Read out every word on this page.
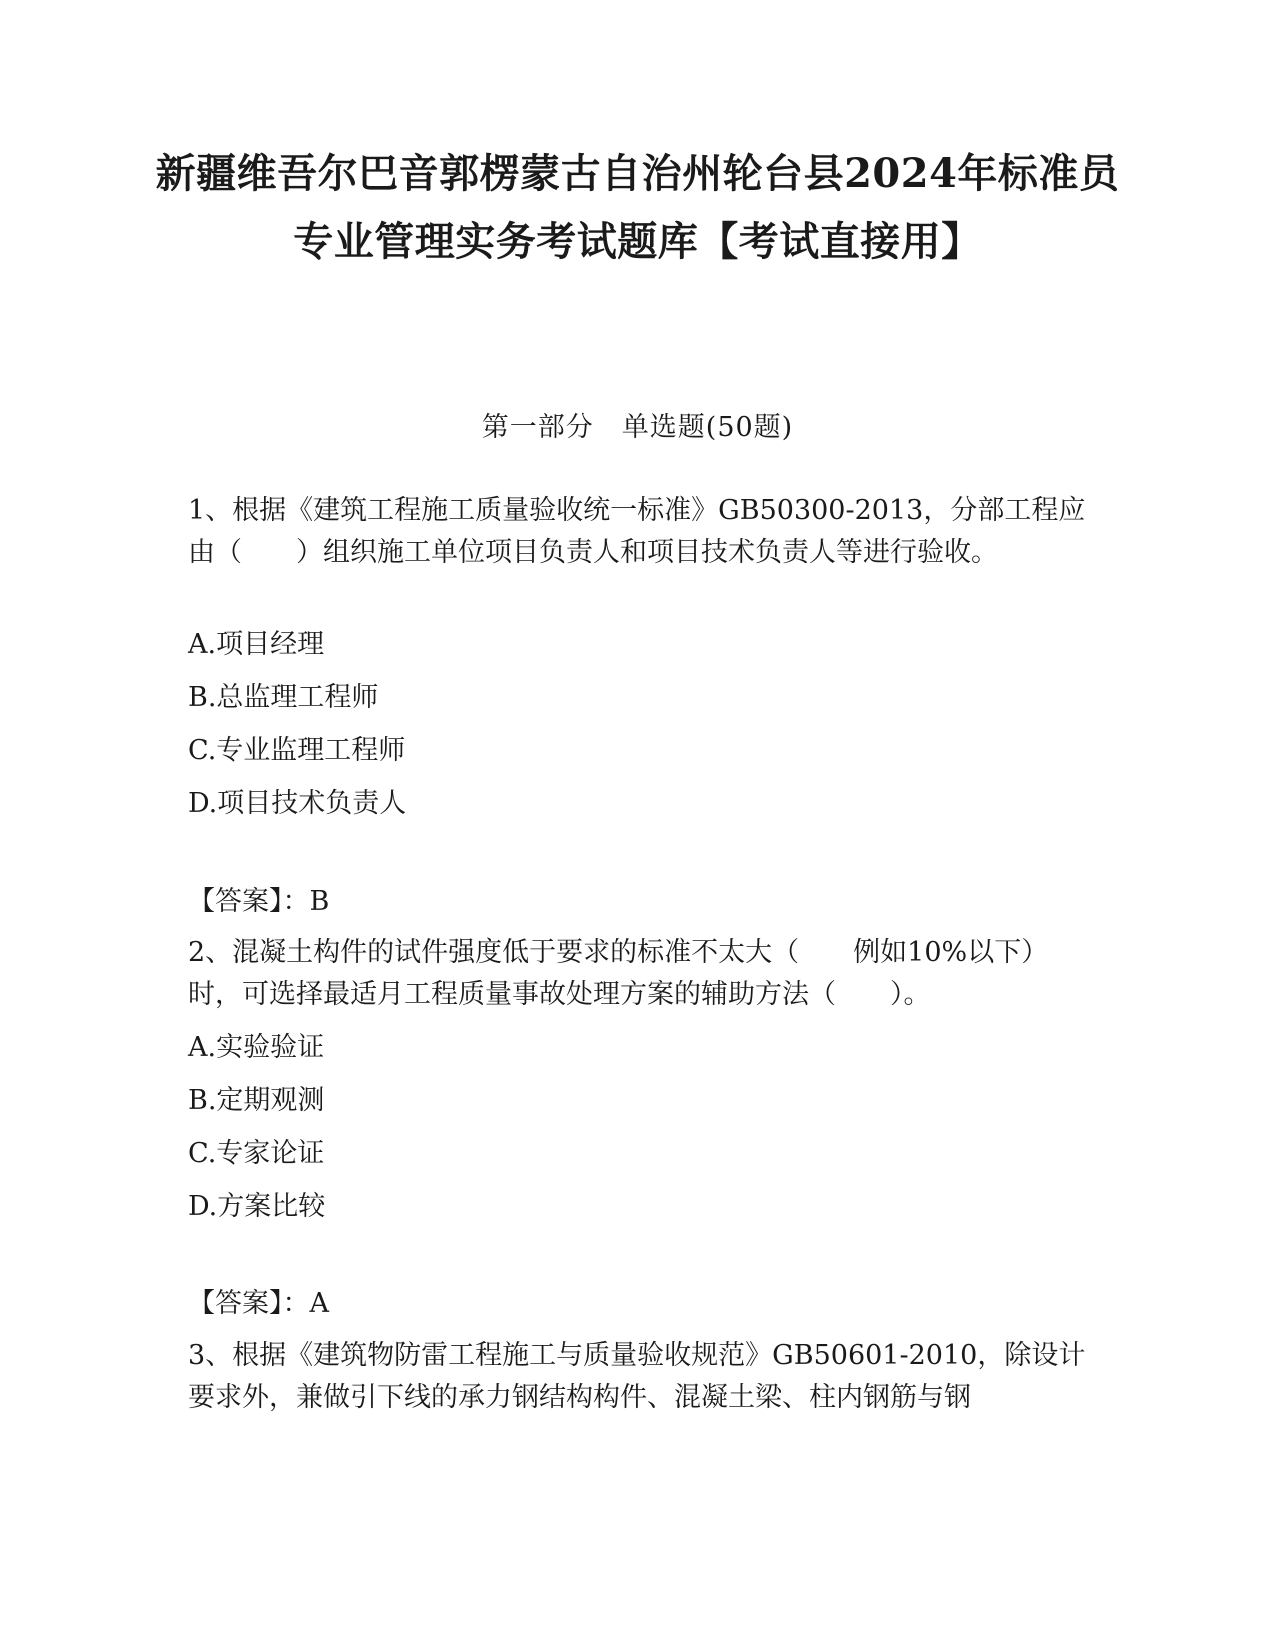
新疆维吾尔巴音郭楞蒙古自治州轮台县2024年标准员专业管理实务考试题库【考试直接用】
第一部分　单选题(50题)
1、根据《建筑工程施工质量验收统一标准》GB50300-2013，分部工程应由（　　）组织施工单位项目负责人和项目技术负责人等进行验收。
A.项目经理
B.总监理工程师
C.专业监理工程师
D.项目技术负责人
【答案】：B
2、混凝土构件的试件强度低于要求的标准不太大（　　例如10%以下）时，可选择最适月工程质量事故处理方案的辅助方法（　　）。
A.实验验证
B.定期观测
C.专家论证
D.方案比较
【答案】：A
3、根据《建筑物防雷工程施工与质量验收规范》GB50601-2010，除设计要求外，兼做引下线的承力钢结构构件、混凝土梁、柱内钢筋与钢
